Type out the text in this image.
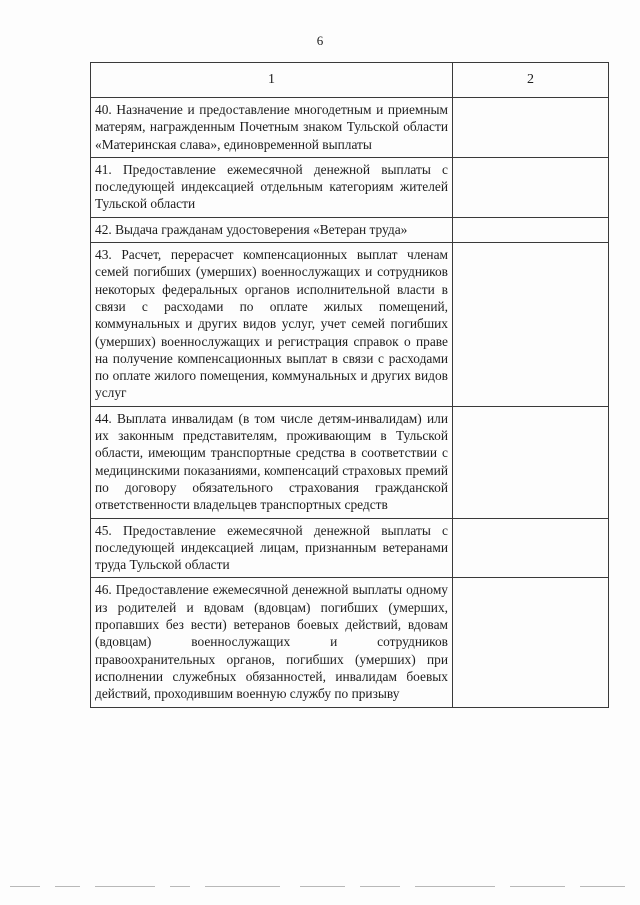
6
1	2
40. Назначение и предоставление многодетным и приемным матерям, награжденным Почетным знаком Тульской области «Материнская слава», единовременной выплаты	
41. Предоставление ежемесячной денежной выплаты с последующей индексацией отдельным категориям жителей Тульской области	
42. Выдача гражданам удостоверения «Ветеран труда»	
43. Расчет, перерасчет компенсационных выплат членам семей погибших (умерших) военнослужащих и сотрудников некоторых федеральных органов исполнительной власти в связи с расходами по оплате жилых помещений, коммунальных и других видов услуг, учет семей погибших (умерших) военнослужащих и регистрация справок о праве на получение компенсационных выплат в связи с расходами по оплате жилого помещения, коммунальных и других видов услуг	
44. Выплата инвалидам (в том числе детям-инвалидам) или их законным представителям, проживающим в Тульской области, имеющим транспортные средства в соответствии с медицинскими показаниями, компенсаций страховых премий по договору обязательного страхования гражданской ответственности владельцев транспортных средств	
45. Предоставление ежемесячной денежной выплаты с последующей индексацией лицам, признанным ветеранами труда Тульской области	
46. Предоставление ежемесячной денежной выплаты одному из родителей и вдовам (вдовцам) погибших (умерших, пропавших без вести) ветеранов боевых действий, вдовам (вдовцам) военнослужащих и сотрудников правоохранительных органов, погибших (умерших) при исполнении служебных обязанностей, инвалидам боевых действий, проходившим военную службу по призыву	
